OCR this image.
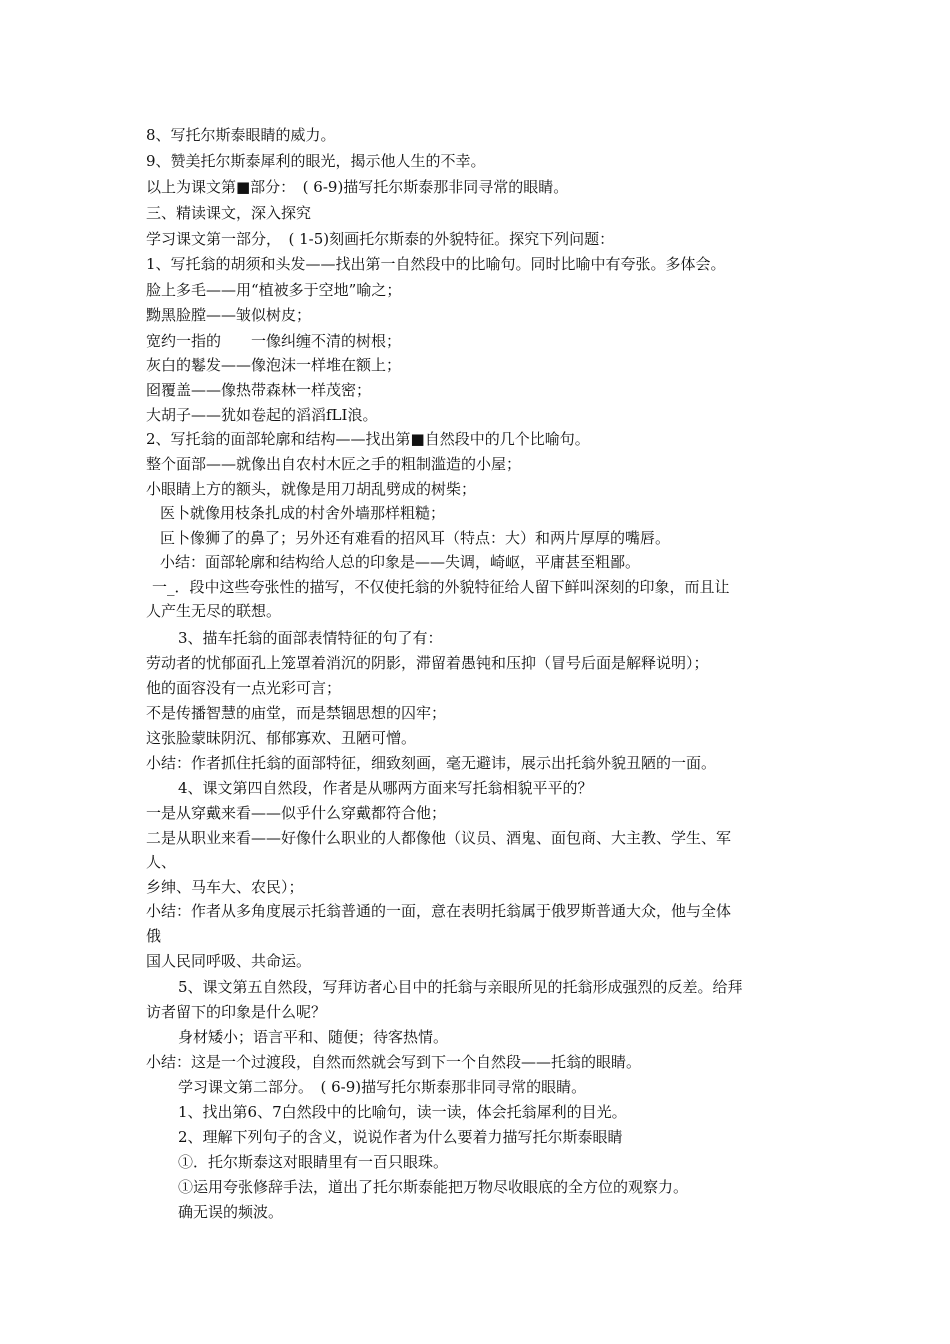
8、写托尔斯泰眼睛的威力。
9、赞美托尔斯泰犀利的眼光，揭示他人生的不幸。
以上为课文第■部分：　( 6-9)描写托尔斯泰那非同寻常的眼睛。
三、精读课文，深入探究
学习课文第一部分，　( 1-5)刻画托尔斯泰的外貌特征。探究下列问题：
1、写托翁的胡须和头发——找出第一自然段中的比喻句。同时比喻中有夸张。多体会。
脸上多毛——用“植被多于空地”喻之；
黝黑脸膛——皱似树皮；
宽约一指的　　一像纠缠不清的树根；
灰白的鬈发——像泡沫一样堆在额上；
囵覆盖——像热带森林一样茂密；
大胡子——犹如卷起的滔滔fLI浪。
2、写托翁的面部轮廓和结构——找出第■自然段中的几个比喻句。
整个面部——就像出自农村木匠之手的粗制滥造的小屋；
小眼睛上方的额头，就像是用刀胡乱劈成的树柴；
医卜就像用枝条扎成的村舍外墙那样粗糙；
叵卜像狮了的鼻了；另外还有难看的招风耳（特点：大）和两片厚厚的嘴唇。
小结：面部轮廓和结构给人总的印象是——失调，崎岖，平庸甚至粗鄙。
一_．段中这些夸张性的描写，不仅使托翁的外貌特征给人留下鲜叫深刻的印象，而且让
人产生无尽的联想。
3、描车托翁的面部表情特征的句了有：
劳动者的忧郁面孔上笼罩着消沉的阴影，滞留着愚钝和压抑（冒号后面是解释说明）；
他的面容没有一点光彩可言；
不是传播智慧的庙堂，而是禁锢思想的囚牢；
这张脸蒙昧阴沉、郁郁寡欢、丑陋可憎。
小结：作者抓住托翁的面部特征，细致刻画，毫无避讳，展示出托翁外貌丑陋的一面。
4、课文第四自然段，作者是从哪两方面来写托翁相貌平平的？
一是从穿戴来看——似乎什么穿戴都符合他；
二是从职业来看——好像什么职业的人都像他（议员、酒鬼、面包商、大主教、学生、军
人、
乡绅、马车大、农民）；
小结：作者从多角度展示托翁普通的一面，意在表明托翁属于俄罗斯普通大众，他与全体
俄
国人民同呼吸、共命运。
5、课文第五自然段，写拜访者心目中的托翁与亲眼所见的托翁形成强烈的反差。给拜
访者留下的印象是什么呢？
身材矮小；语言平和、随便；待客热情。
小结：这是一个过渡段，自然而然就会写到下一个自然段——托翁的眼睛。
学习课文第二部分。　( 6-9)描写托尔斯泰那非同寻常的眼睛。
1、找出第6、7白然段中的比喻句，读一读，体会托翁犀利的目光。
2、理解下列句子的含义，说说作者为什么要着力描写托尔斯泰眼睛
①．托尔斯泰这对眼睛里有一百只眼珠。
①运用夸张修辞手法，道出了托尔斯泰能把万物尽收眼底的全方位的观察力。
确无误的频波。
